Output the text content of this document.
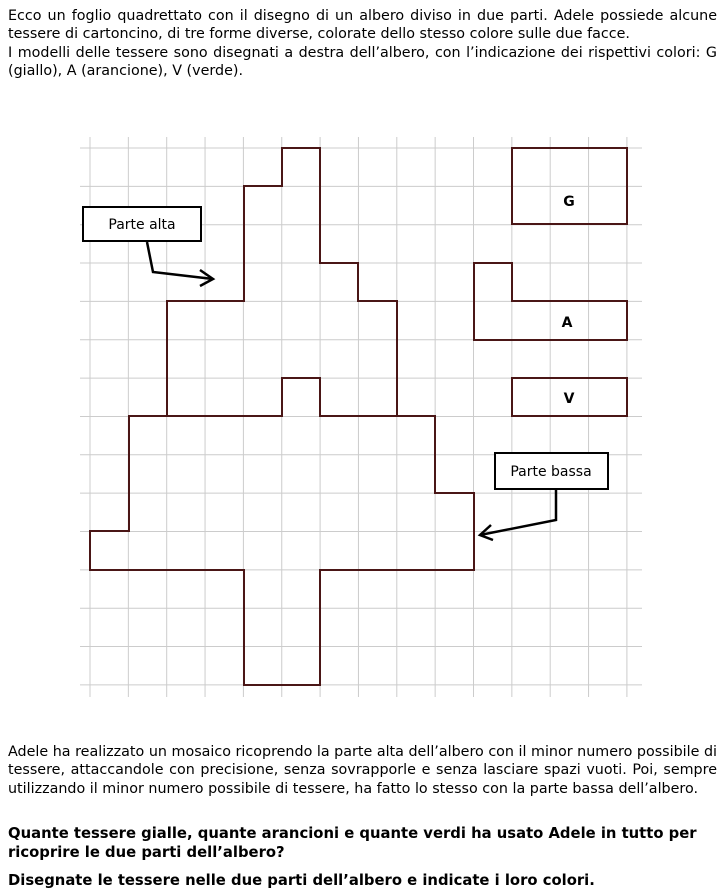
Ecco un foglio quadrettato con il disegno di un albero diviso in due parti. Adele possiede alcune tessere di cartoncino, di tre forme diverse, colorate dello stesso colore sulle due facce.
I modelli delle tessere sono disegnati a destra dell’albero, con l’indicazione dei rispettivi colori: G (giallo), A (arancione), V (verde).

G
A
V
Parte alta
Parte bassa

Adele ha realizzato un mosaico ricoprendo la parte alta dell’albero con il minor numero possibile di tessere, attaccandole con precisione, senza sovrapporle e senza lasciare spazi vuoti. Poi, sempre utilizzando il minor numero possibile di tessere, ha fatto lo stesso con la parte bassa dell’albero.

Quante tessere gialle, quante arancioni e quante verdi ha usato Adele in tutto per ricoprire le due parti dell’albero?

Disegnate le tessere nelle due parti dell’albero e indicate i loro colori.
